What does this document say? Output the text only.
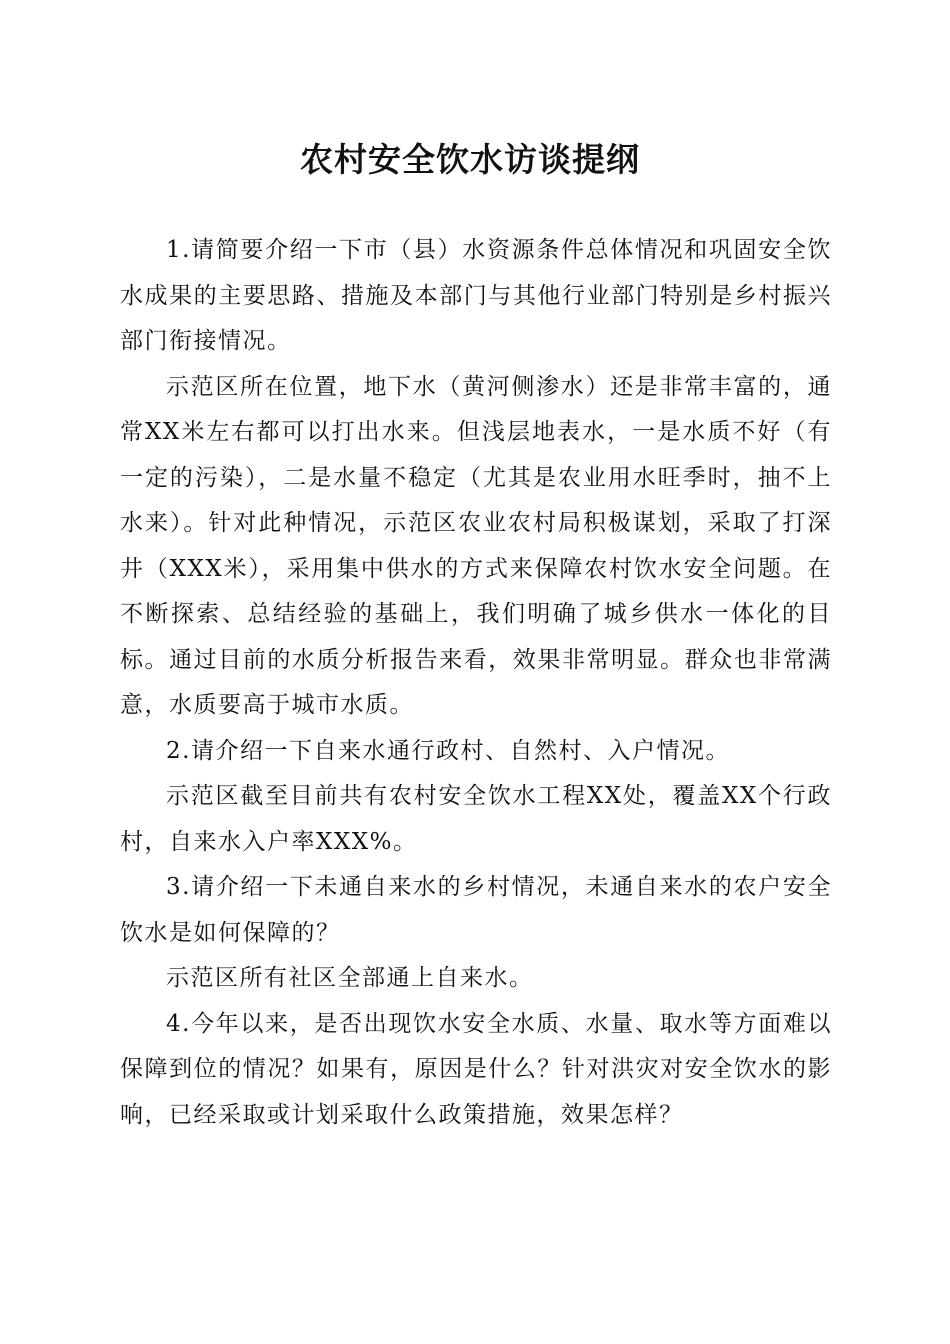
农村安全饮水访谈提纲

1.请简要介绍一下市（县）水资源条件总体情况和巩固安全饮水成果的主要思路、措施及本部门与其他行业部门特别是乡村振兴部门衔接情况。

示范区所在位置，地下水（黄河侧渗水）还是非常丰富的，通常XX米左右都可以打出水来。但浅层地表水，一是水质不好（有一定的污染），二是水量不稳定（尤其是农业用水旺季时，抽不上水来）。针对此种情况，示范区农业农村局积极谋划，采取了打深井（XXX米），采用集中供水的方式来保障农村饮水安全问题。在不断探索、总结经验的基础上，我们明确了城乡供水一体化的目标。通过目前的水质分析报告来看，效果非常明显。群众也非常满意，水质要高于城市水质。

2.请介绍一下自来水通行政村、自然村、入户情况。

示范区截至目前共有农村安全饮水工程XX处，覆盖XX个行政村，自来水入户率XXX%。

3.请介绍一下未通自来水的乡村情况，未通自来水的农户安全饮水是如何保障的？

示范区所有社区全部通上自来水。

4.今年以来，是否出现饮水安全水质、水量、取水等方面难以保障到位的情况？如果有，原因是什么？针对洪灾对安全饮水的影响，已经采取或计划采取什么政策措施，效果怎样？
